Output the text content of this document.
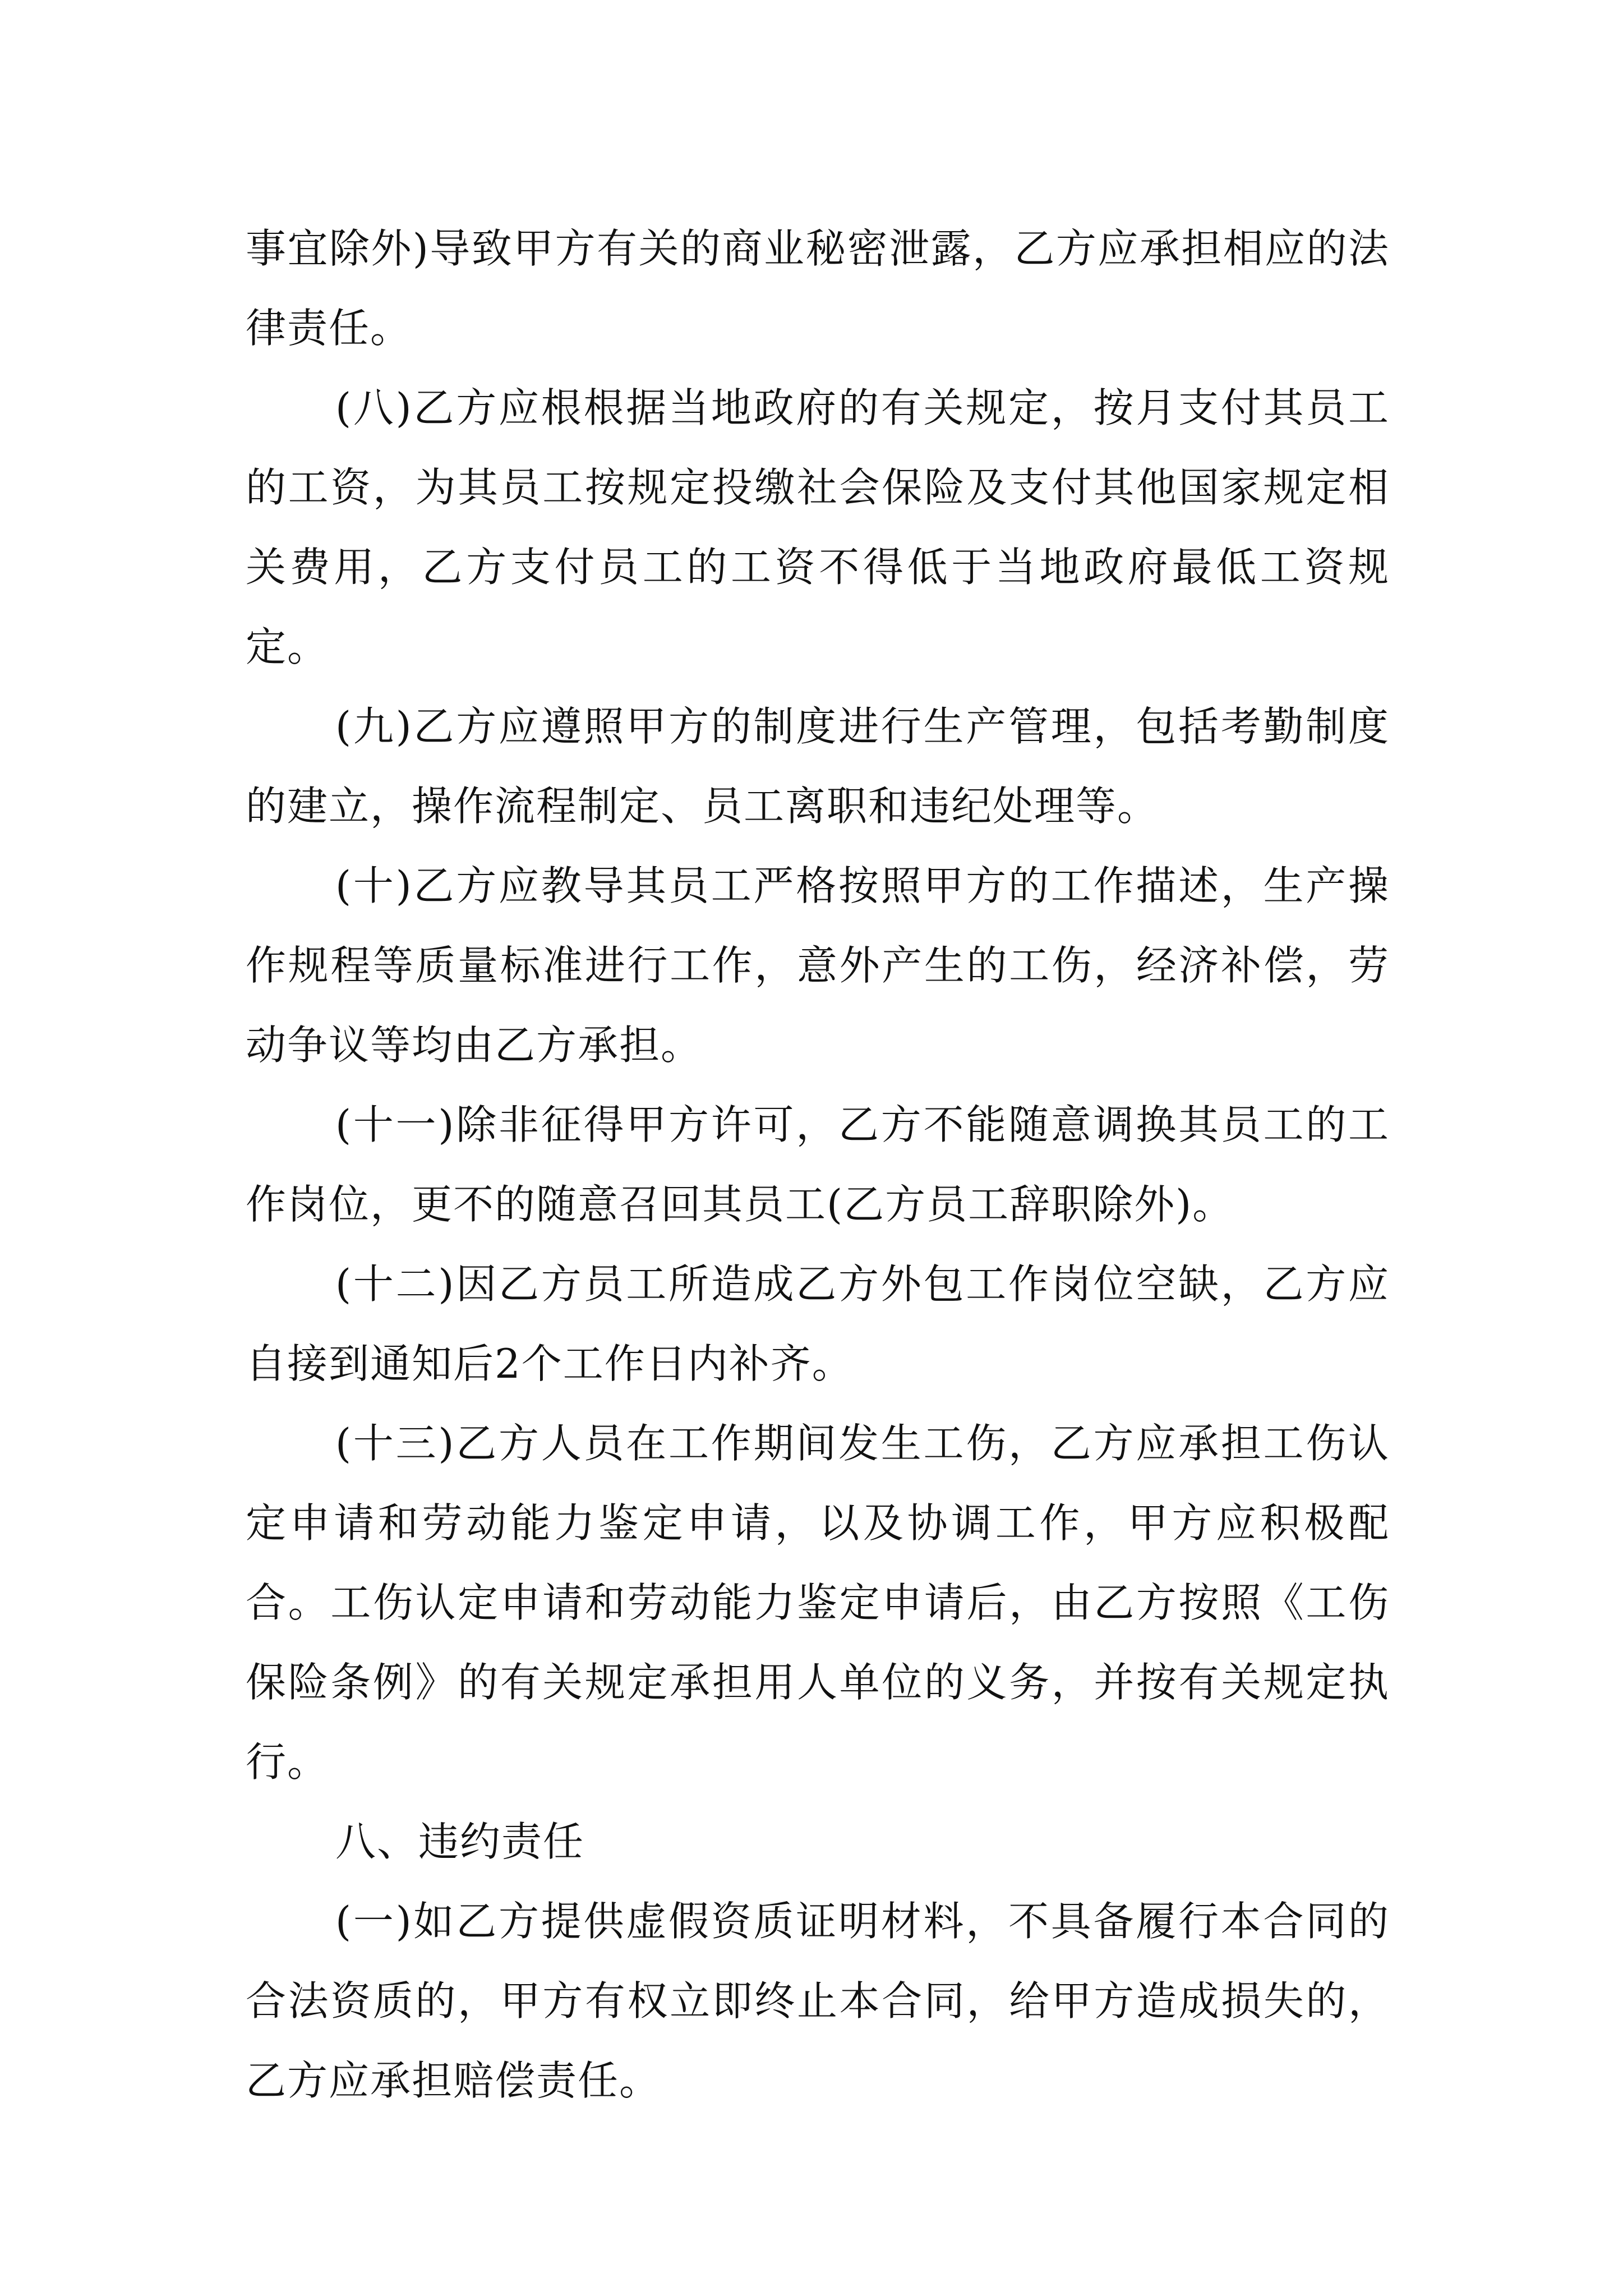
事宜除外)导致甲方有关的商业秘密泄露，乙方应承担相应的法律责任。

(八)乙方应根根据当地政府的有关规定，按月支付其员工的工资，为其员工按规定投缴社会保险及支付其他国家规定相关费用，乙方支付员工的工资不得低于当地政府最低工资规定。

(九)乙方应遵照甲方的制度进行生产管理，包括考勤制度的建立，操作流程制定、员工离职和违纪处理等。

(十)乙方应教导其员工严格按照甲方的工作描述，生产操作规程等质量标准进行工作，意外产生的工伤，经济补偿，劳动争议等均由乙方承担。

(十一)除非征得甲方许可，乙方不能随意调换其员工的工作岗位，更不的随意召回其员工(乙方员工辞职除外)。

(十二)因乙方员工所造成乙方外包工作岗位空缺，乙方应自接到通知后2个工作日内补齐。

(十三)乙方人员在工作期间发生工伤，乙方应承担工伤认定申请和劳动能力鉴定申请，以及协调工作，甲方应积极配合。工伤认定申请和劳动能力鉴定申请后，由乙方按照《工伤保险条例》的有关规定承担用人单位的义务，并按有关规定执行。

八、违约责任

(一)如乙方提供虚假资质证明材料，不具备履行本合同的合法资质的，甲方有权立即终止本合同，给甲方造成损失的，乙方应承担赔偿责任。
